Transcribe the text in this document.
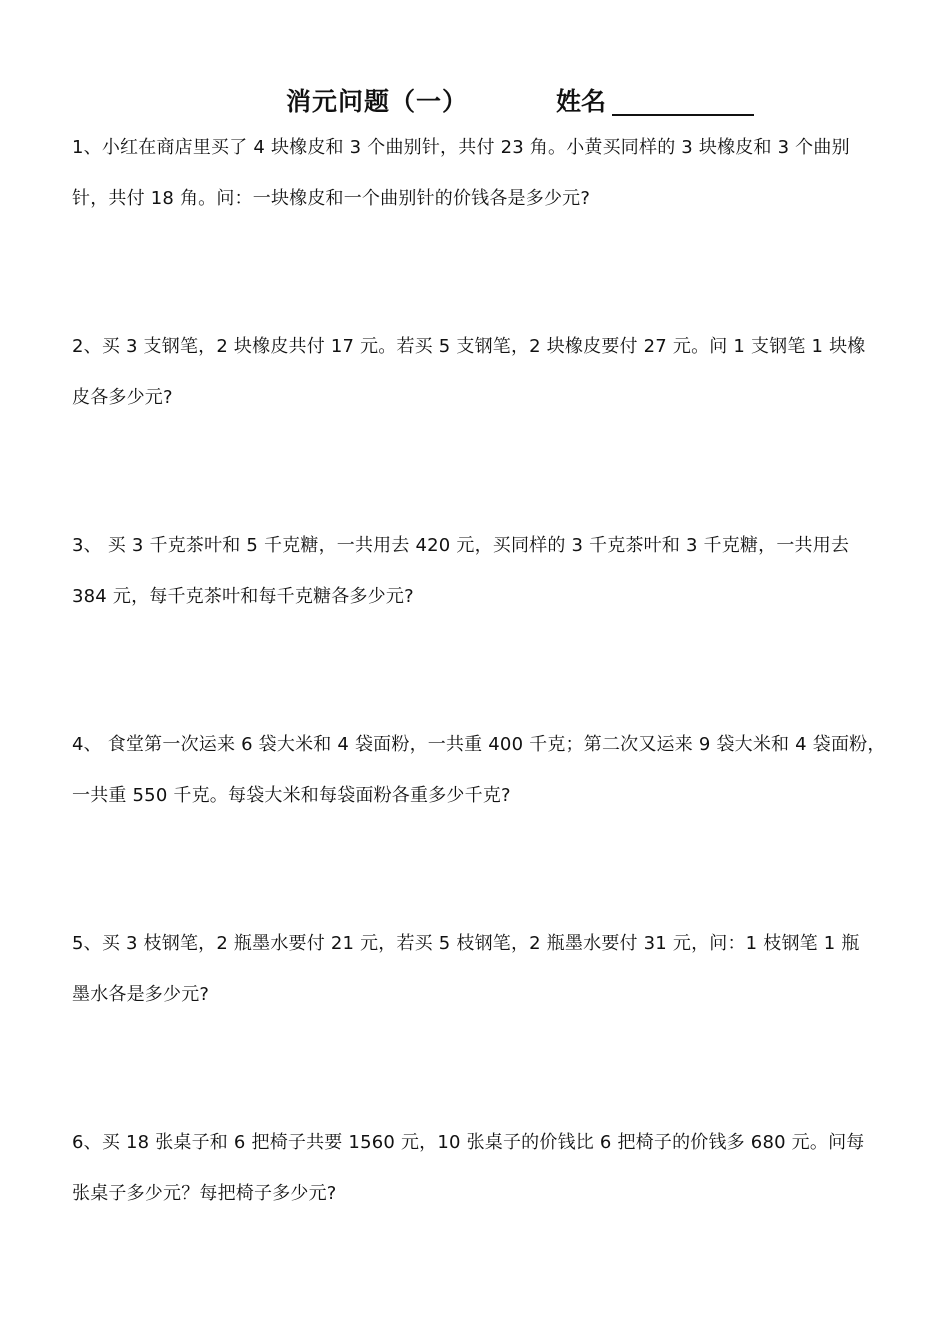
消元问题（一）	姓名
1、小红在商店里买了 4 块橡皮和 3 个曲别针，共付 23 角。小黄买同样的 3 块橡皮和 3 个曲别
针，共付 18 角。问：一块橡皮和一个曲别针的价钱各是多少元?
2、买 3 支钢笔，2 块橡皮共付 17 元。若买 5 支钢笔，2 块橡皮要付 27 元。问 1 支钢笔 1 块橡
皮各多少元?
3、 买 3 千克茶叶和 5 千克糖，一共用去 420 元，买同样的 3 千克茶叶和 3 千克糖，一共用去
384 元，每千克茶叶和每千克糖各多少元?
4、 食堂第一次运来 6 袋大米和 4 袋面粉，一共重 400 千克；第二次又运来 9 袋大米和 4 袋面粉，
一共重 550 千克。每袋大米和每袋面粉各重多少千克?
5、买 3 枝钢笔，2 瓶墨水要付 21 元，若买 5 枝钢笔，2 瓶墨水要付 31 元，问：1 枝钢笔 1 瓶
墨水各是多少元?
6、买 18 张桌子和 6 把椅子共要 1560 元，10 张桌子的价钱比 6 把椅子的价钱多 680 元。问每
张桌子多少元？每把椅子多少元?
